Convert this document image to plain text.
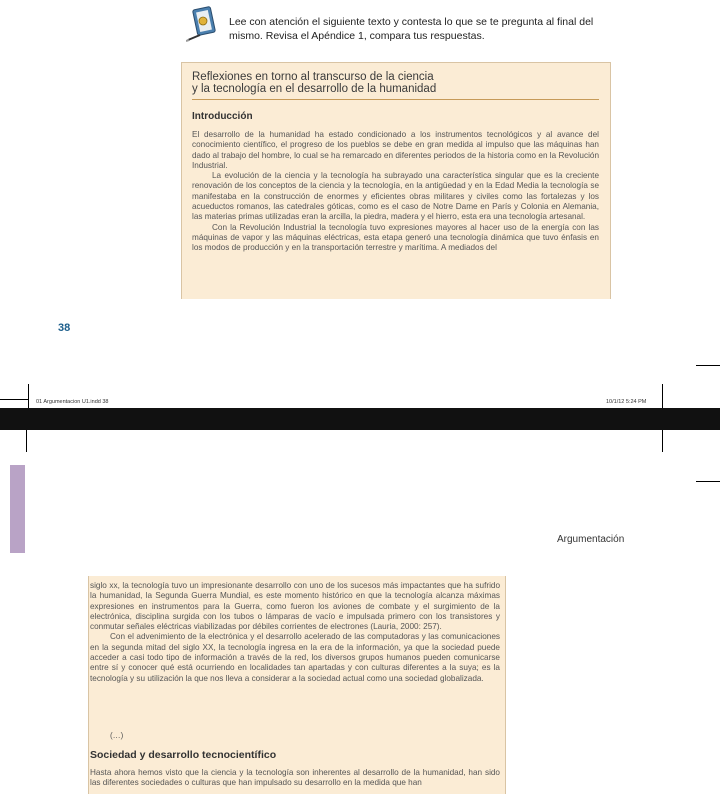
Lee con atención el siguiente texto y contesta lo que se te pregunta al final del mismo. Revisa el Apéndice 1, compara tus respuestas.
Reflexiones en torno al transcurso de la ciencia
y la tecnología en el desarrollo de la humanidad
Introducción

El desarrollo de la humanidad ha estado condicionado a los instrumentos tecnológicos y al avance del conocimiento científico, el progreso de los pueblos se debe en gran medida al impulso que las máquinas han dado al trabajo del hombre, lo cual se ha remarcado en diferentes periodos de la historia como en la Revolución Industrial.

La evolución de la ciencia y la tecnología ha subrayado una característica singular que es la creciente renovación de los conceptos de la ciencia y la tecnología, en la antigüedad y en la Edad Media la tecnología se manifestaba en la construcción de enormes y eficientes obras militares y civiles como las fortalezas y los acueductos romanos, las catedrales góticas, como es el caso de Notre Dame en París y Colonia en Alemania, las materias primas utilizadas eran la arcilla, la piedra, madera y el hierro, esta era una tecnología artesanal.

Con la Revolución Industrial la tecnología tuvo expresiones mayores al hacer uso de la energía con las máquinas de vapor y las máquinas eléctricas, esta etapa generó una tecnología dinámica que tuvo énfasis en los modos de producción y en la transportación terrestre y marítima. A mediados del

38
01 Argumentacion U1.indd 38	10/1/12 5:24 PM
Argumentación

siglo xx, la tecnología tuvo un impresionante desarrollo con uno de los sucesos más impactantes que ha sufrido la humanidad, la Segunda Guerra Mundial, es este momento histórico en que la tecnología alcanza máximas expresiones en instrumentos para la Guerra, como fueron los aviones de combate y el surgimiento de la electrónica, disciplina surgida con los tubos o lámparas de vacío e impulsada primero con los transistores y conmutar señales eléctricas viabilizadas por débiles corrientes de electrones (Lauria, 2000: 257).

Con el advenimiento de la electrónica y el desarrollo acelerado de las computadoras y las comunicaciones en la segunda mitad del siglo XX, la tecnología ingresa en la era de la información, ya que la sociedad puede acceder a casi todo tipo de información a través de la red, los diversos grupos humanos pueden comunicarse entre sí y conocer qué está ocurriendo en localidades tan apartadas y con culturas diferentes a la suya; es la tecnología y su utilización la que nos lleva a considerar a la sociedad actual como una sociedad globalizada.

(…)
Sociedad y desarrollo tecnocientífico

Hasta ahora hemos visto que la ciencia y la tecnología son inherentes al desarrollo de la humanidad, han sido las diferentes sociedades o culturas que han impulsado su desarrollo en la medida que han
